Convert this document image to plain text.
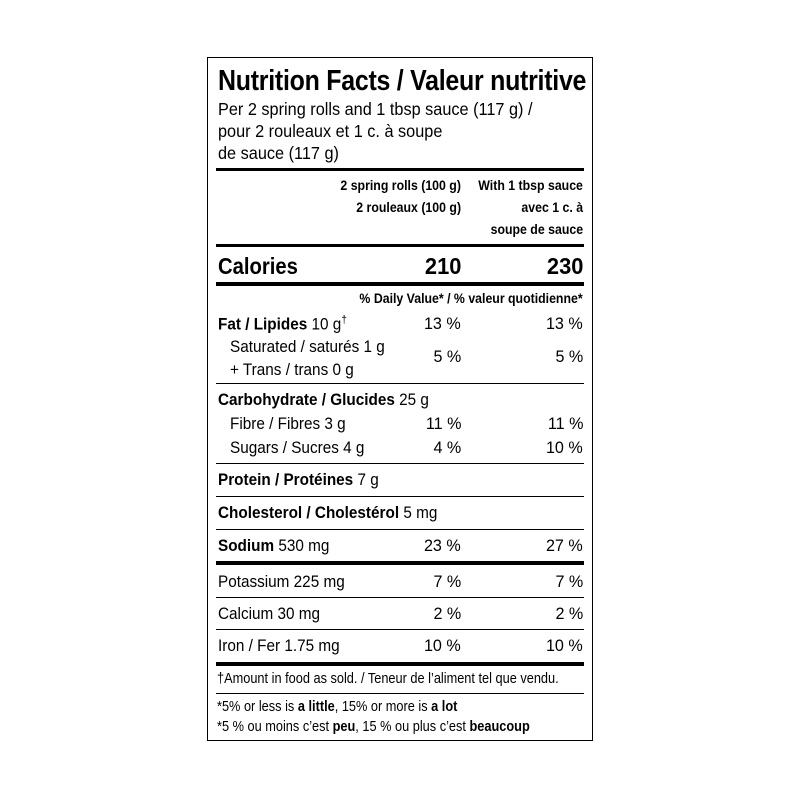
Nutrition Facts / Valeur nutritive
Per 2 spring rolls and 1 tbsp sauce (117 g) /
pour 2 rouleaux et 1 c. à soupe
de sauce (117 g)
2 spring rolls (100 g)
2 rouleaux (100 g)
With 1 tbsp sauce
avec 1 c. à
soupe de sauce
Calories	210	230
% Daily Value* / % valeur quotidienne*
Fat / Lipides 10 g†	13 %	13 %
Saturated / saturés 1 g
+ Trans / trans 0 g
5 %	5 %
Carbohydrate / Glucides 25 g
Fibre / Fibres 3 g	11 %	11 %
Sugars / Sucres 4 g	4 %	10 %
Protein / Protéines 7 g
Cholesterol / Cholestérol 5 mg
Sodium 530 mg	23 %	27 %
Potassium 225 mg	7 %	7 %
Calcium 30 mg	2 %	2 %
Iron / Fer 1.75 mg	10 %	10 %
†Amount in food as sold. / Teneur de l’aliment tel que vendu.
*5% or less is a little, 15% or more is a lot
*5 % ou moins c’est peu, 15 % ou plus c’est beaucoup
